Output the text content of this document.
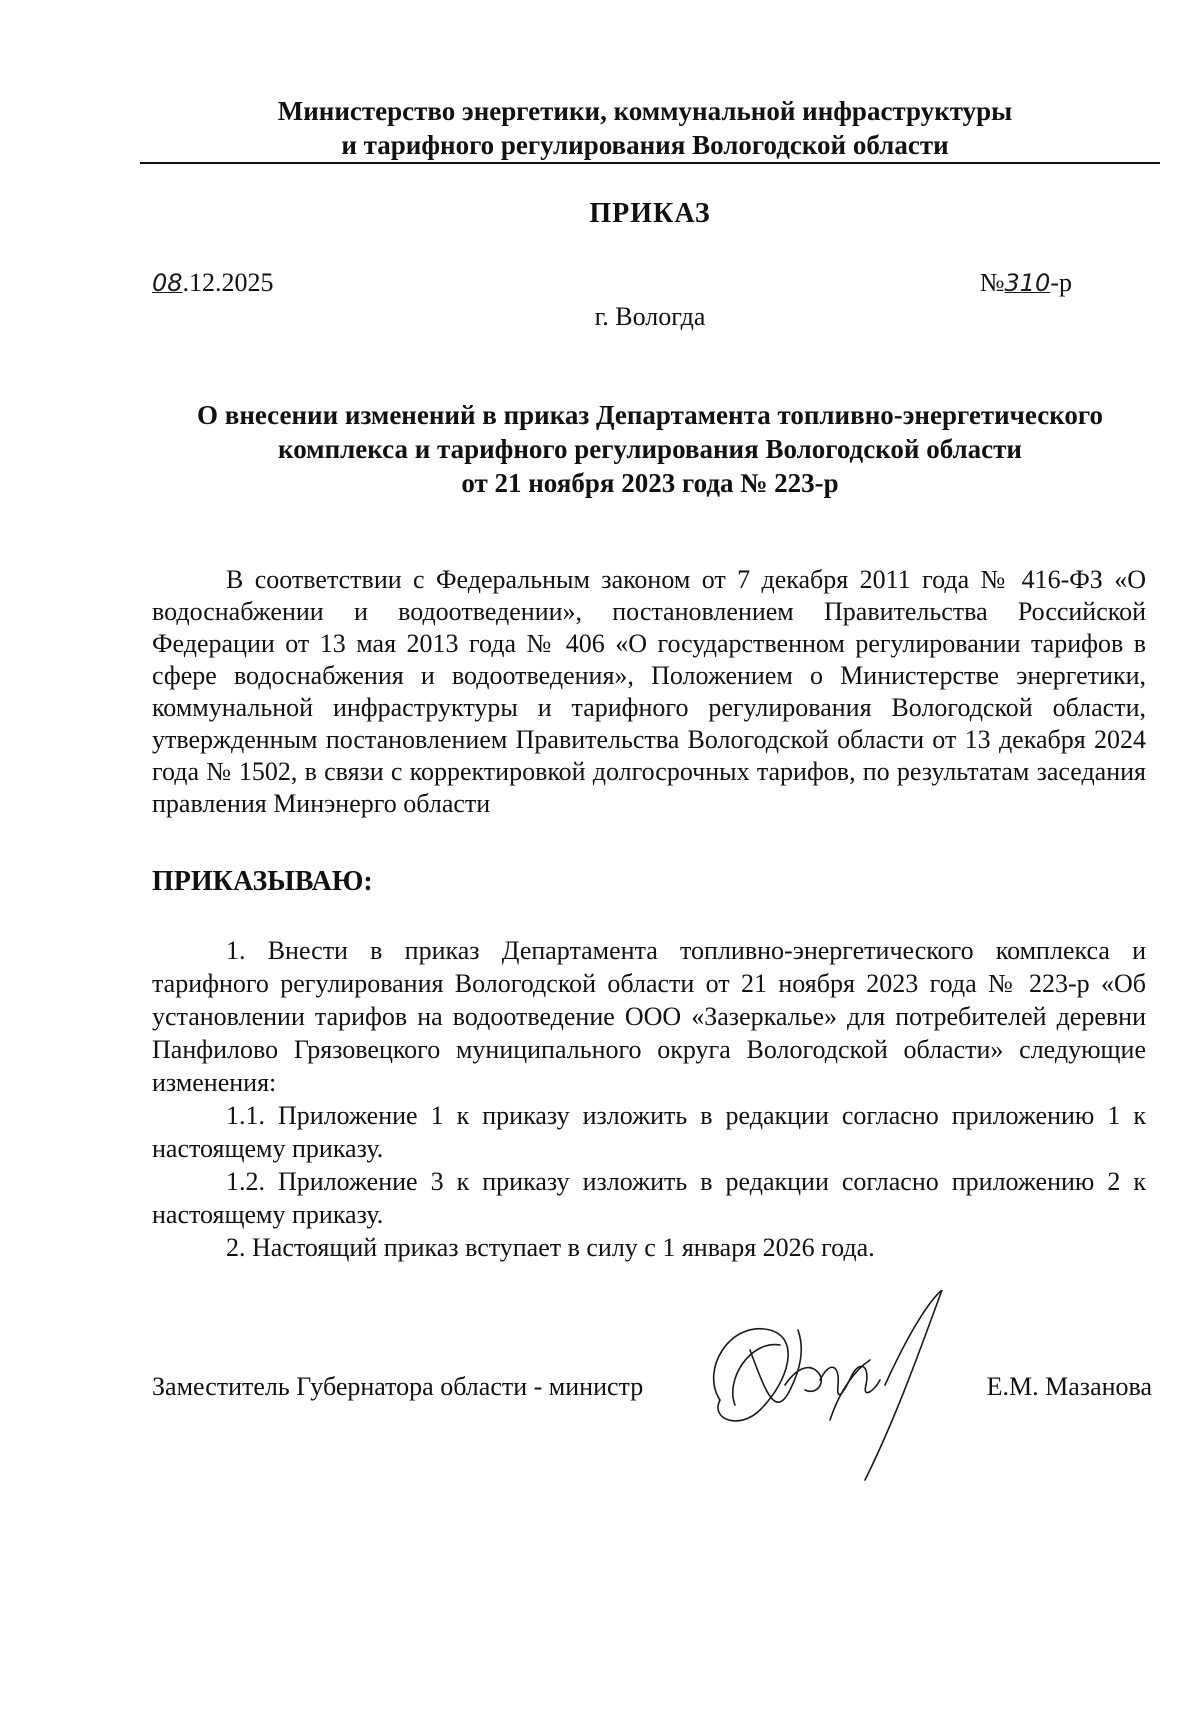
Министерство энергетики, коммунальной инфраструктуры
и тарифного регулирования Вологодской области
ПРИКАЗ
08.12.2025	№310-р
г. Вологда
О внесении изменений в приказ Департамента топливно-энергетического
комплекса и тарифного регулирования Вологодской области
от 21 ноября 2023 года № 223-р
В соответствии с Федеральным законом от 7 декабря 2011 года № 416-ФЗ «О водоснабжении и водоотведении», постановлением Правительства Российской Федерации от 13 мая 2013 года № 406 «О государственном регулировании тарифов в сфере водоснабжения и водоотведения», Положением о Министерстве энергетики, коммунальной инфраструктуры и тарифного регулирования Вологодской области, утвержденным постановлением Правительства Вологодской области от 13 декабря 2024 года № 1502, в связи с корректировкой долгосрочных тарифов, по результатам заседания правления Минэнерго области
ПРИКАЗЫВАЮ:

1. Внести в приказ Департамента топливно-энергетического комплекса и тарифного регулирования Вологодской области от 21 ноября 2023 года № 223-р «Об установлении тарифов на водоотведение ООО «Зазеркалье» для потребителей деревни Панфилово Грязовецкого муниципального округа Вологодской области» следующие изменения:

1.1. Приложение 1 к приказу изложить в редакции согласно приложению 1 к настоящему приказу.

1.2. Приложение 3 к приказу изложить в редакции согласно приложению 2 к настоящему приказу.

2. Настоящий приказ вступает в силу с 1 января 2026 года.

Заместитель Губернатора области - министр	Е.М. Мазанова
